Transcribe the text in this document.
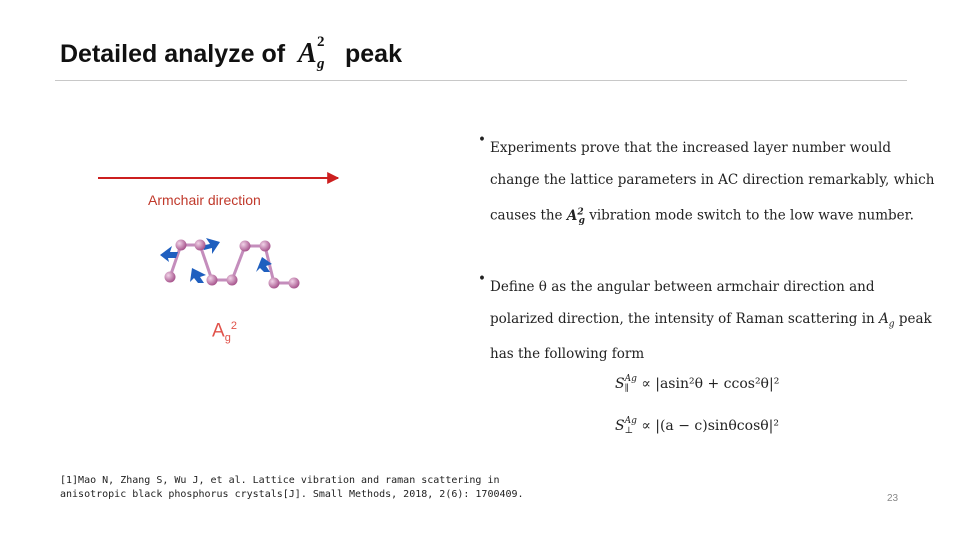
Detailed analyze of A 2
g peak
Armchair direction
$A_g^2$
• Experiments prove that the increased layer number would
change the lattice parameters in AC direction remarkably, which
causes the $A^2_g$ vibration mode switch to the low wave number.
• Define θ as the angular between armchair direction and
polarized direction, the intensity of Raman scattering in $A_g$ peak
has the following form
S Ag
∥ ∝ |asin²θ + ccos²θ|²
S Ag
⊥ ∝ |(a − c)sinθcosθ|²
[1]Mao N, Zhang S, Wu J, et al. Lattice vibration and raman scattering in
anisotropic black phosphorus crystals[J]. Small Methods, 2018, 2(6): 1700409.	23
